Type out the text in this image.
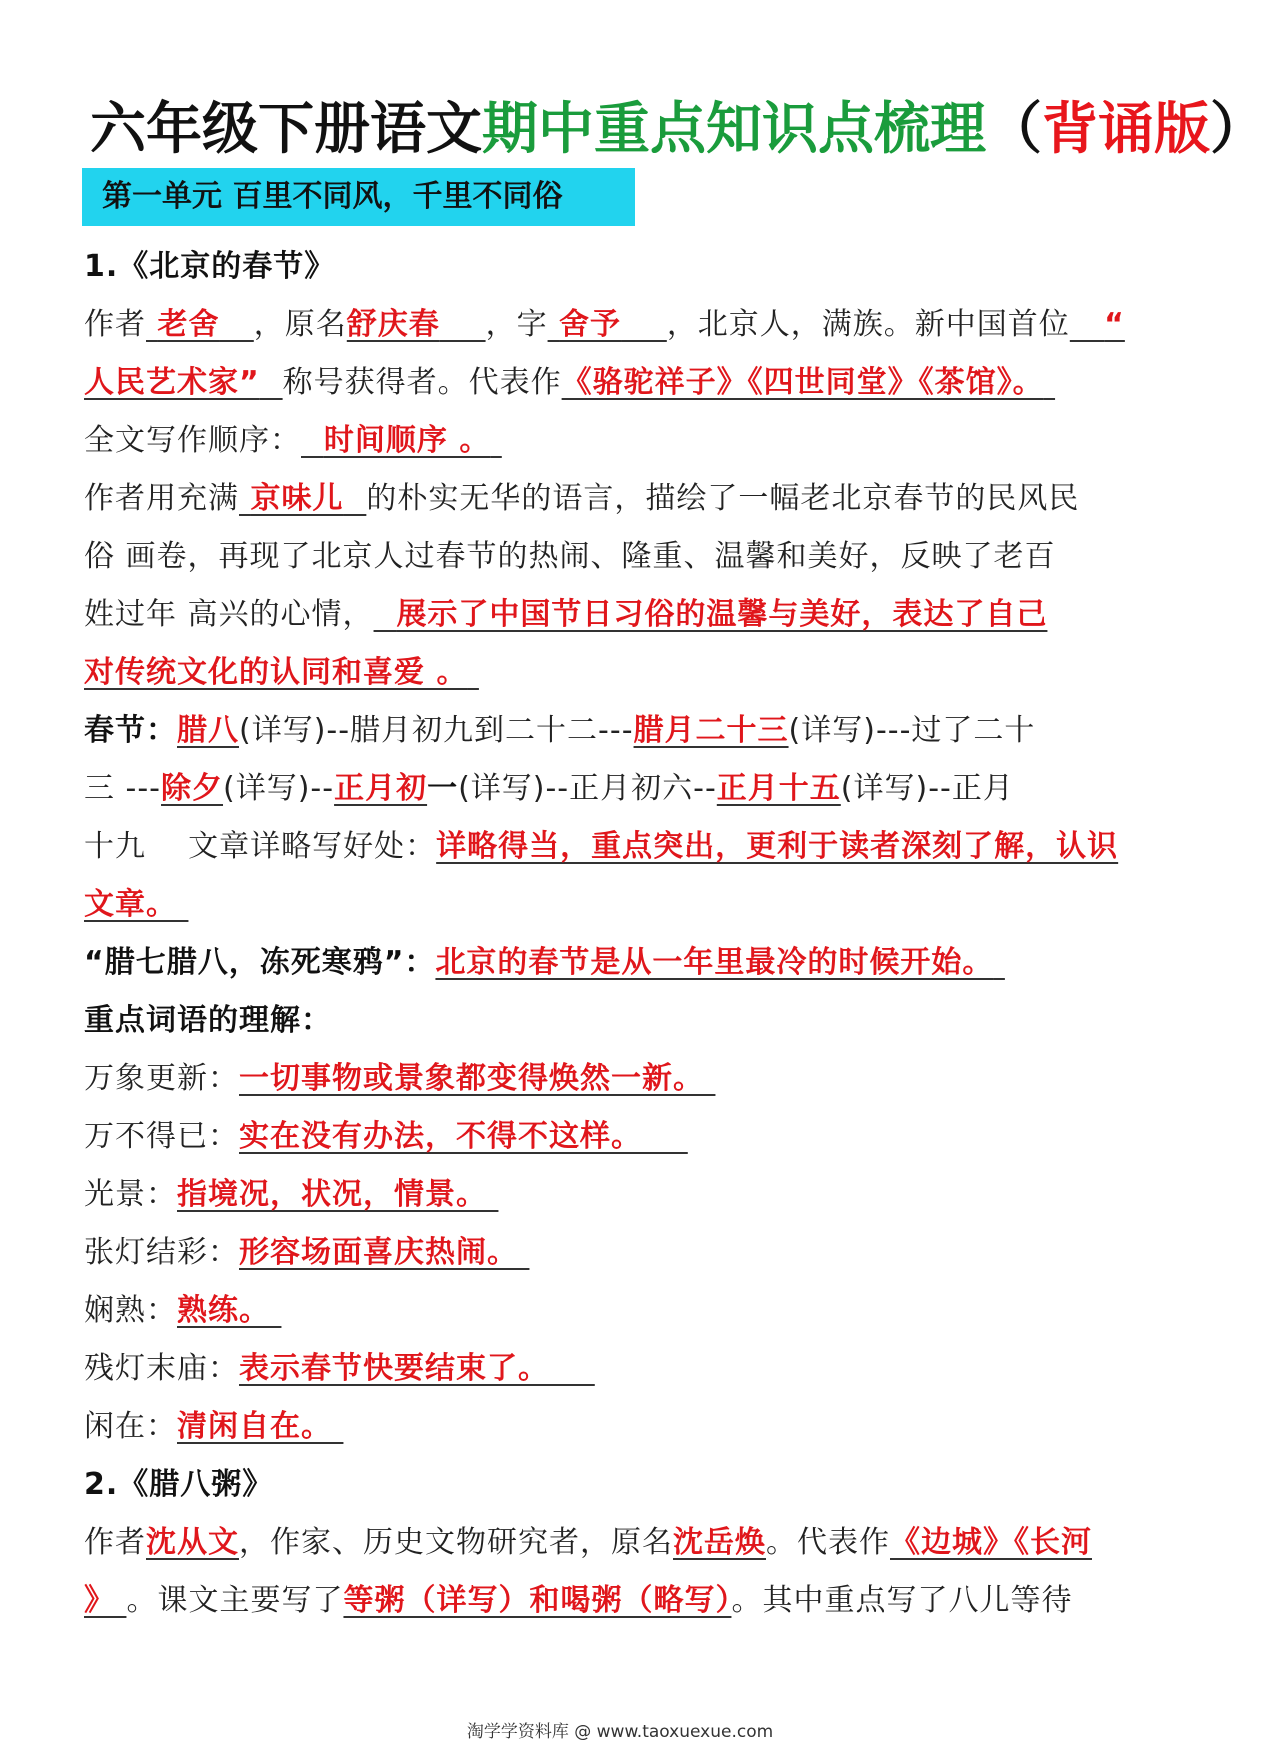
六年级下册语文期中重点知识点梳理（背诵版）
第一单元 百里不同风，千里不同俗
1.《北京的春节》
作者 老舍 ，原名舒庆春 ，字 舍予 ，北京人，满族。新中国首位 “
人民艺术家” 称号获得者。代表作《骆驼祥子》《四世同堂》《茶馆》。
全文写作顺序： 时间顺序 。
作者用充满 京味儿 的朴实无华的语言，描绘了一幅老北京春节的民风民
俗 画卷，再现了北京人过春节的热闹、隆重、温馨和美好，反映了老百
姓过年 高兴的心情， 展示了中国节日习俗的温馨与美好，表达了自己
对传统文化的认同和喜爱 。
春节：腊八(详写)--腊月初九到二十二---腊月二十三(详写)---过了二十
三 ---除夕(详写)--正月初一(详写)--正月初六--正月十五(详写)--正月
十九 文章详略写好处：详略得当，重点突出，更利于读者深刻了解，认识
文章。
“腊七腊八，冻死寒鸦”：北京的春节是从一年里最冷的时候开始。
重点词语的理解：
万象更新：一切事物或景象都变得焕然一新。
万不得已：实在没有办法，不得不这样。
光景：指境况，状况，情景。
张灯结彩：形容场面喜庆热闹。
娴熟：熟练。
残灯末庙：表示春节快要结束了。
闲在：清闲自在。
2.《腊八粥》
作者沈从文，作家、历史文物研究者，原名沈岳焕。代表作《边城》《长河
》 。课文主要写了等粥（详写）和喝粥（略写）。其中重点写了八儿等待
淘学学资料库 @ www.taoxuexue.com
